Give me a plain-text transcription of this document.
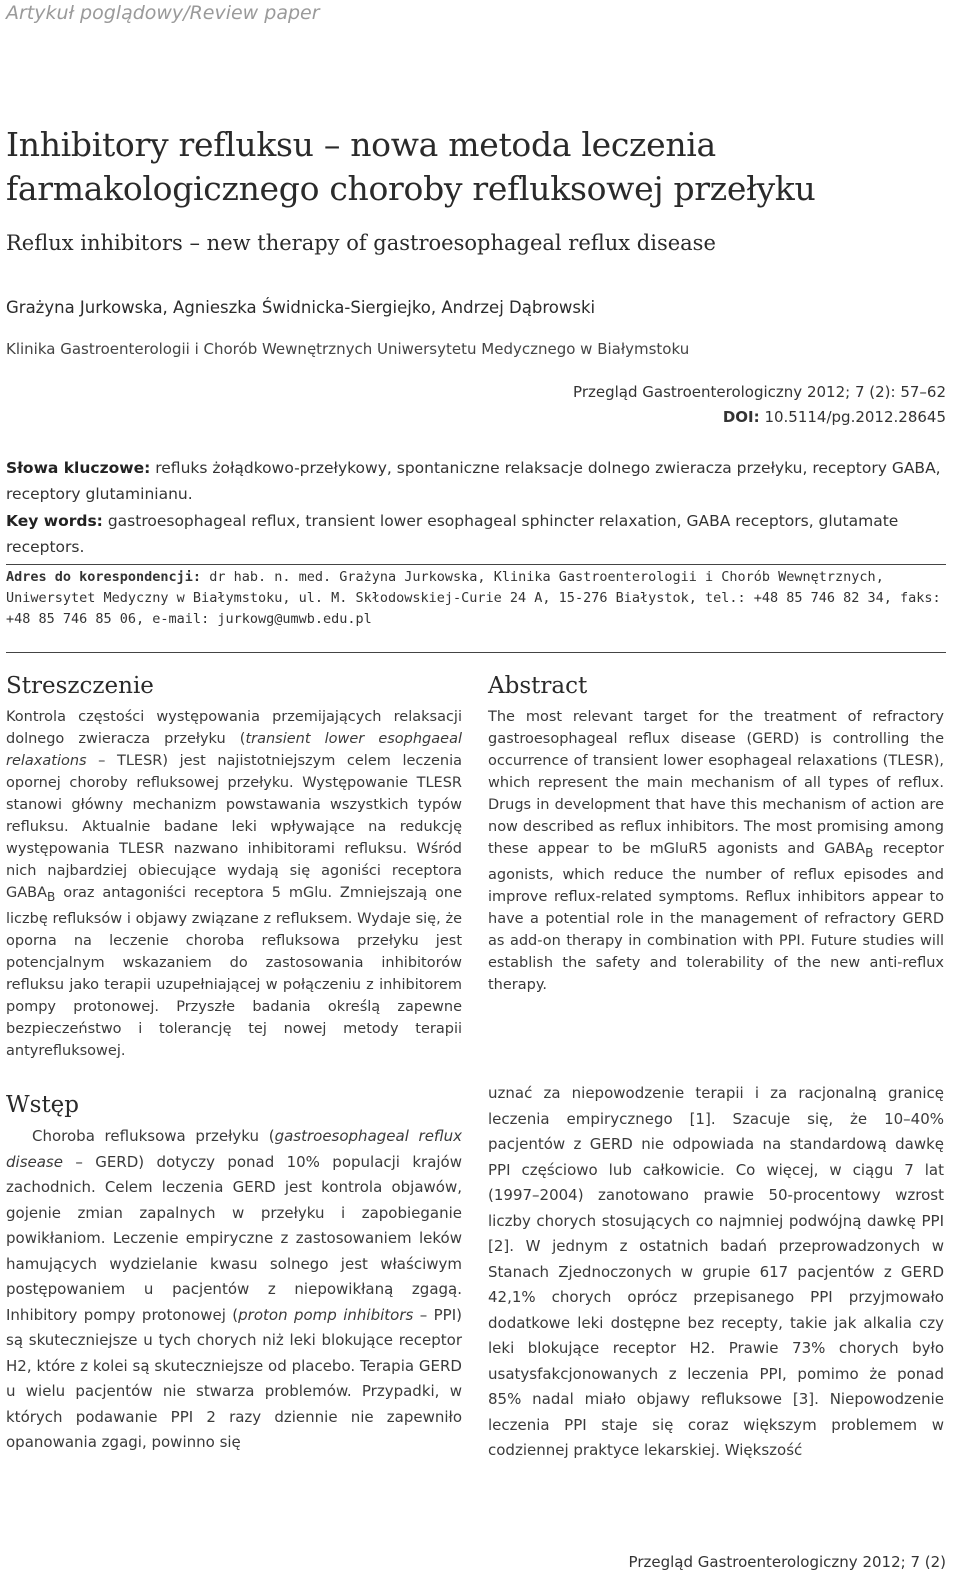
Artykuł poglądowy/Review paper
Inhibitory refluksu – nowa metoda leczenia farmakologicznego choroby refluksowej przełyku
Reflux inhibitors – new therapy of gastroesophageal reflux disease
Grażyna Jurkowska, Agnieszka Świdnicka-Siergiejko, Andrzej Dąbrowski
Klinika Gastroenterologii i Chorób Wewnętrznych Uniwersytetu Medycznego w Białymstoku
Przegląd Gastroenterologiczny 2012; 7 (2): 57–62
DOI: 10.5114/pg.2012.28645
Słowa kluczowe: refluks żołądkowo-przełykowy, spontaniczne relaksacje dolnego zwieracza przełyku, receptory GABA, receptory glutaminianu.
Key words: gastroesophageal reflux, transient lower esophageal sphincter relaxation, GABA receptors, glutamate receptors.
Adres do korespondencji: dr hab. n. med. Grażyna Jurkowska, Klinika Gastroenterologii i Chorób Wewnętrznych, Uniwersytet Medyczny w Białymstoku, ul. M. Skłodowskiej-Curie 24 A, 15-276 Białystok, tel.: +48 85 746 82 34, faks: +48 85 746 85 06, e-mail: jurkowg@umwb.edu.pl
Streszczenie

Kontrola częstości występowania przemijających relaksacji dolnego zwieracza przełyku (transient lower esophgaeal relaxations – TLESR) jest najistotniejszym celem leczenia opornej choroby refluksowej przełyku. Występowanie TLESR stanowi główny mechanizm powstawania wszystkich typów refluksu. Aktualnie badane leki wpływające na redukcję występowania TLESR nazwano inhibitorami refluksu. Wśród nich najbardziej obiecujące wydają się agoniści receptora $GABA_B$ oraz antagoniści receptora 5 mGlu. Zmniejszają one liczbę refluksów i objawy związane z refluksem. Wydaje się, że oporna na leczenie choroba refluksowa przełyku jest potencjalnym wskazaniem do zastosowania inhibitorów refluksu jako terapii uzupełniającej w połączeniu z inhibitorem pompy protonowej. Przyszłe badania określą zapewne bezpieczeństwo i tolerancję tej nowej metody terapii antyrefluksowej.

Abstract

The most relevant target for the treatment of refractory gastroesophageal reflux disease (GERD) is controlling the occurrence of transient lower esophageal relaxations (TLESR), which represent the main mechanism of all types of reflux. Drugs in development that have this mechanism of action are now described as reflux inhibitors. The most promising among these appear to be mGluR5 agonists and $GABA_B$ receptor agonists, which reduce the number of reflux episodes and improve reflux-related symptoms. Reflux inhibitors appear to have a potential role in the management of refractory GERD as add-on therapy in combination with PPI. Future studies will establish the safety and tolerability of the new anti-reflux therapy.

Wstęp

Choroba refluksowa przełyku (gastroesophageal reflux disease – GERD) dotyczy ponad 10% populacji krajów zachodnich. Celem leczenia GERD jest kontrola objawów, gojenie zmian zapalnych w przełyku i zapobieganie powikłaniom. Leczenie empiryczne z zastosowaniem leków hamujących wydzielanie kwasu solnego jest właściwym postępowaniem u pacjentów z niepowikłaną zgagą. Inhibitory pompy protonowej (proton pomp inhibitors – PPI) są skuteczniejsze u tych chorych niż leki blokujące receptor H2, które z kolei są skuteczniejsze od placebo. Terapia GERD u wielu pacjentów nie stwarza problemów. Przypadki, w których podawanie PPI 2 razy dziennie nie zapewniło opanowania zgagi, powinno się

uznać za niepowodzenie terapii i za racjonalną granicę leczenia empirycznego [1]. Szacuje się, że 10–40% pacjentów z GERD nie odpowiada na standardową dawkę PPI częściowo lub całkowicie. Co więcej, w ciągu 7 lat (1997–2004) zanotowano prawie 50-procentowy wzrost liczby chorych stosujących co najmniej podwójną dawkę PPI [2]. W jednym z ostatnich badań przeprowadzonych w Stanach Zjednoczonych w grupie 617 pacjentów z GERD 42,1% chorych oprócz przepisanego PPI przyjmowało dodatkowe leki dostępne bez recepty, takie jak alkalia czy leki blokujące receptor H2. Prawie 73% chorych było usatysfakcjonowanych z leczenia PPI, pomimo że ponad 85% nadal miało objawy refluksowe [3]. Niepowodzenie leczenia PPI staje się coraz większym problemem w codziennej praktyce lekarskiej. Większość

Przegląd Gastroenterologiczny 2012; 7 (2)
